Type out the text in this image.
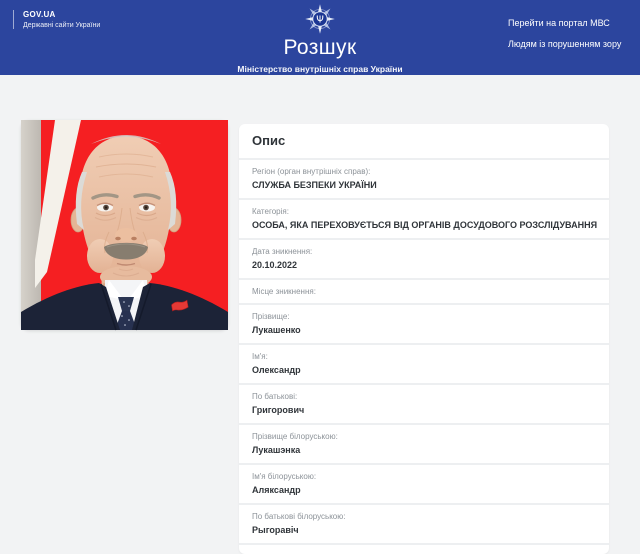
GOV.UA
Державні сайти України	Ψ
Розшук
Міністерство внутрішніх справ України
Перейти на портал МВС
Людям із порушенням зору
Опис
Регіон (орган внутрішніх справ):
СЛУЖБА БЕЗПЕКИ УКРАЇНИ
Категорія:
ОСОБА, ЯКА ПЕРЕХОВУЄТЬСЯ ВІД ОРГАНІВ ДОСУДОВОГО РОЗСЛІДУВАННЯ
Дата зникнення:
20.10.2022
Місце зникнення:
Прізвище:
Лукашенко
Ім'я:
Олександр
По батькові:
Григорович
Прізвище білоруською:
Лукашэнка
Ім'я білоруською:
Аляксандр
По батькові білоруською:
Рыгоравіч
